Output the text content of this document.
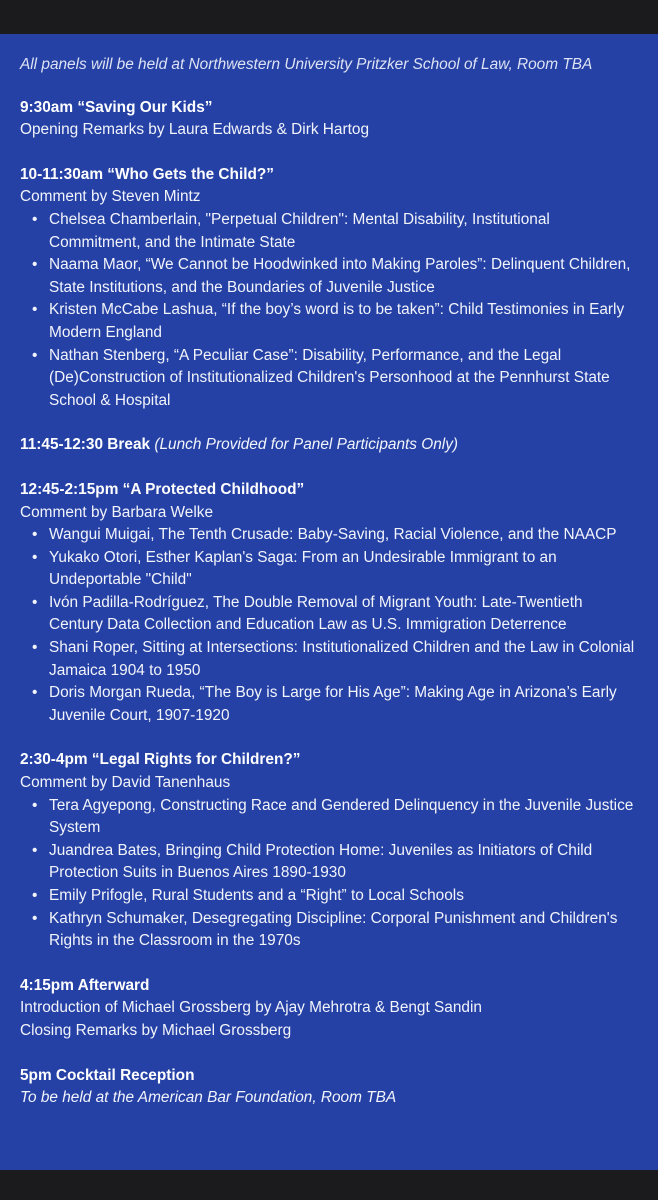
All panels will be held at Northwestern University Pritzker School of Law, Room TBA
9:30am “Saving Our Kids”
Opening Remarks by Laura Edwards & Dirk Hartog
10-11:30am “Who Gets the Child?”
Comment by Steven Mintz
• Chelsea Chamberlain, "Perpetual Children": Mental Disability, Institutional Commitment, and the Intimate State
• Naama Maor, “We Cannot be Hoodwinked into Making Paroles”: Delinquent Children, State Institutions, and the Boundaries of Juvenile Justice
• Kristen McCabe Lashua, “If the boy’s word is to be taken”: Child Testimonies in Early Modern England
• Nathan Stenberg, “A Peculiar Case”: Disability, Performance, and the Legal (De)Construction of Institutionalized Children's Personhood at the Pennhurst State School & Hospital
11:45-12:30 Break (Lunch Provided for Panel Participants Only)
12:45-2:15pm “A Protected Childhood”
Comment by Barbara Welke
• Wangui Muigai, The Tenth Crusade: Baby-Saving, Racial Violence, and the NAACP
• Yukako Otori, Esther Kaplan's Saga: From an Undesirable Immigrant to an Undeportable "Child"
• Ivón Padilla-Rodríguez, The Double Removal of Migrant Youth: Late-Twentieth Century Data Collection and Education Law as U.S. Immigration Deterrence
• Shani Roper, Sitting at Intersections: Institutionalized Children and the Law in Colonial Jamaica 1904 to 1950
• Doris Morgan Rueda, “The Boy is Large for His Age”: Making Age in Arizona’s Early Juvenile Court, 1907-1920
2:30-4pm “Legal Rights for Children?”
Comment by David Tanenhaus
• Tera Agyepong, Constructing Race and Gendered Delinquency in the Juvenile Justice System
• Juandrea Bates, Bringing Child Protection Home: Juveniles as Initiators of Child Protection Suits in Buenos Aires 1890-1930
• Emily Prifogle, Rural Students and a “Right” to Local Schools
• Kathryn Schumaker, Desegregating Discipline: Corporal Punishment and Children's Rights in the Classroom in the 1970s
4:15pm Afterward
Introduction of Michael Grossberg by Ajay Mehrotra & Bengt Sandin
Closing Remarks by Michael Grossberg
5pm Cocktail Reception
To be held at the American Bar Foundation, Room TBA
